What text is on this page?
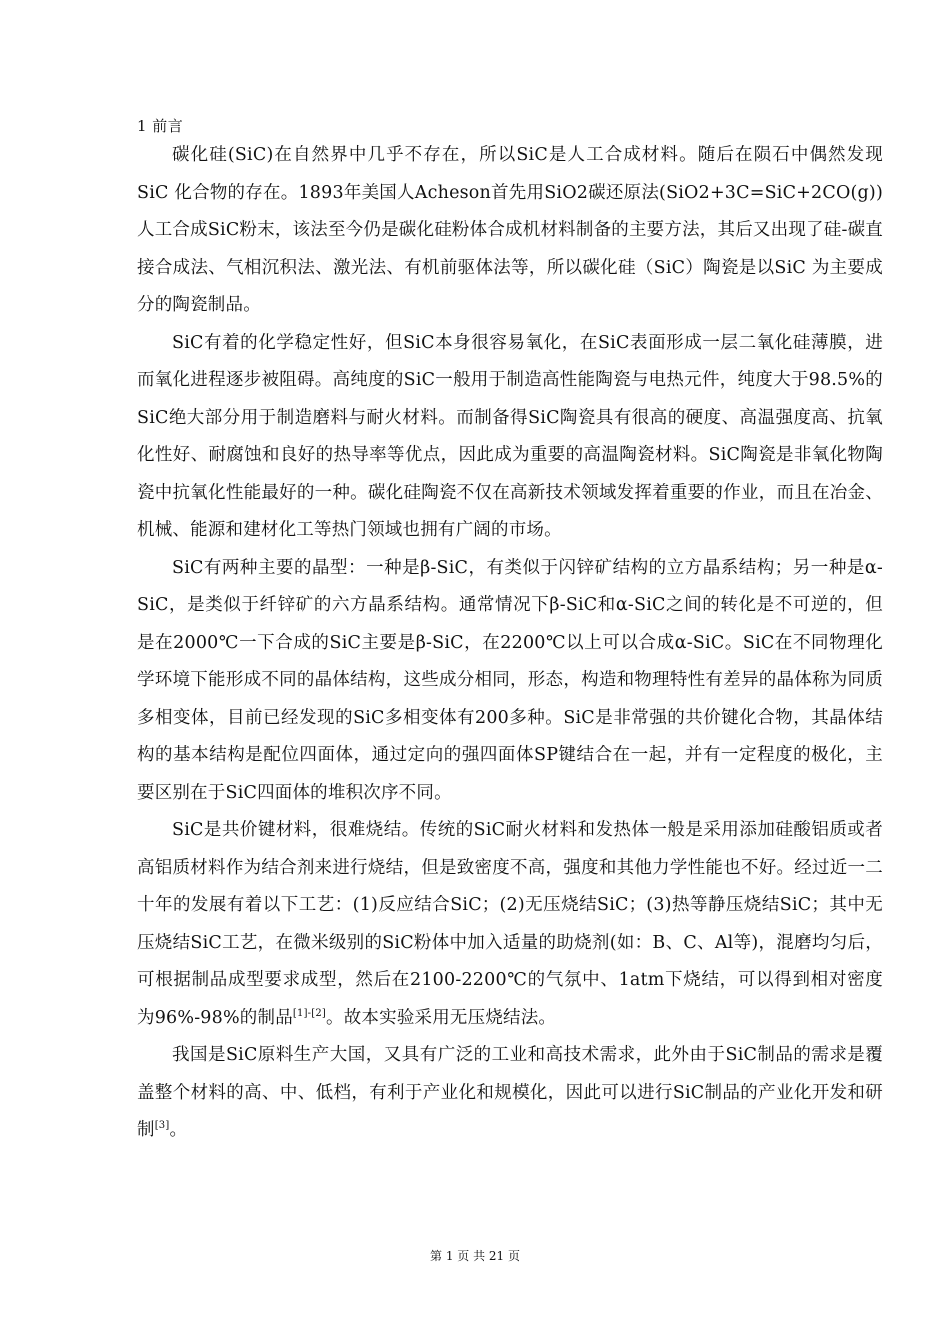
1 前言

碳化硅(SiC)在自然界中几乎不存在，所以SiC是人工合成材料。随后在陨石中偶然发现 SiC 化合物的存在。1893年美国人Acheson首先用SiO2碳还原法(SiO2+3C=SiC+2CO(g))人工合成SiC粉末，该法至今仍是碳化硅粉体合成机材料制备的主要方法，其后又出现了硅-碳直接合成法、气相沉积法、激光法、有机前驱体法等，所以碳化硅（SiC）陶瓷是以SiC 为主要成分的陶瓷制品。

SiC有着的化学稳定性好，但SiC本身很容易氧化，在SiC表面形成一层二氧化硅薄膜，进而氧化进程逐步被阻碍。高纯度的SiC一般用于制造高性能陶瓷与电热元件，纯度大于98.5%的SiC绝大部分用于制造磨料与耐火材料。而制备得SiC陶瓷具有很高的硬度、高温强度高、抗氧化性好、耐腐蚀和良好的热导率等优点，因此成为重要的高温陶瓷材料。SiC陶瓷是非氧化物陶瓷中抗氧化性能最好的一种。碳化硅陶瓷不仅在高新技术领域发挥着重要的作业，而且在冶金、机械、能源和建材化工等热门领域也拥有广阔的市场。

SiC有两种主要的晶型：一种是β-SiC，有类似于闪锌矿结构的立方晶系结构；另一种是α-SiC，是类似于纤锌矿的六方晶系结构。通常情况下β-SiC和α-SiC之间的转化是不可逆的，但是在2000℃一下合成的SiC主要是β-SiC，在2200℃以上可以合成α-SiC。SiC在不同物理化学环境下能形成不同的晶体结构，这些成分相同，形态，构造和物理特性有差异的晶体称为同质多相变体，目前已经发现的SiC多相变体有200多种。SiC是非常强的共价键化合物，其晶体结构的基本结构是配位四面体，通过定向的强四面体SP键结合在一起，并有一定程度的极化，主要区别在于SiC四面体的堆积次序不同。

SiC是共价键材料，很难烧结。传统的SiC耐火材料和发热体一般是采用添加硅酸铝质或者高铝质材料作为结合剂来进行烧结，但是致密度不高，强度和其他力学性能也不好。经过近一二十年的发展有着以下工艺：(1)反应结合SiC；(2)无压烧结SiC；(3)热等静压烧结SiC；其中无压烧结SiC工艺，在微米级别的SiC粉体中加入适量的助烧剂(如：B、C、Al等)，混磨均匀后，可根据制品成型要求成型，然后在2100-2200℃的气氛中、1atm下烧结，可以得到相对密度为96%-98%的制品[1]-[2]。故本实验采用无压烧结法。

我国是SiC原料生产大国，又具有广泛的工业和高技术需求，此外由于SiC制品的需求是覆盖整个材料的高、中、低档，有利于产业化和规模化，因此可以进行SiC制品的产业化开发和研制[3]。

第 1 页 共 21 页
